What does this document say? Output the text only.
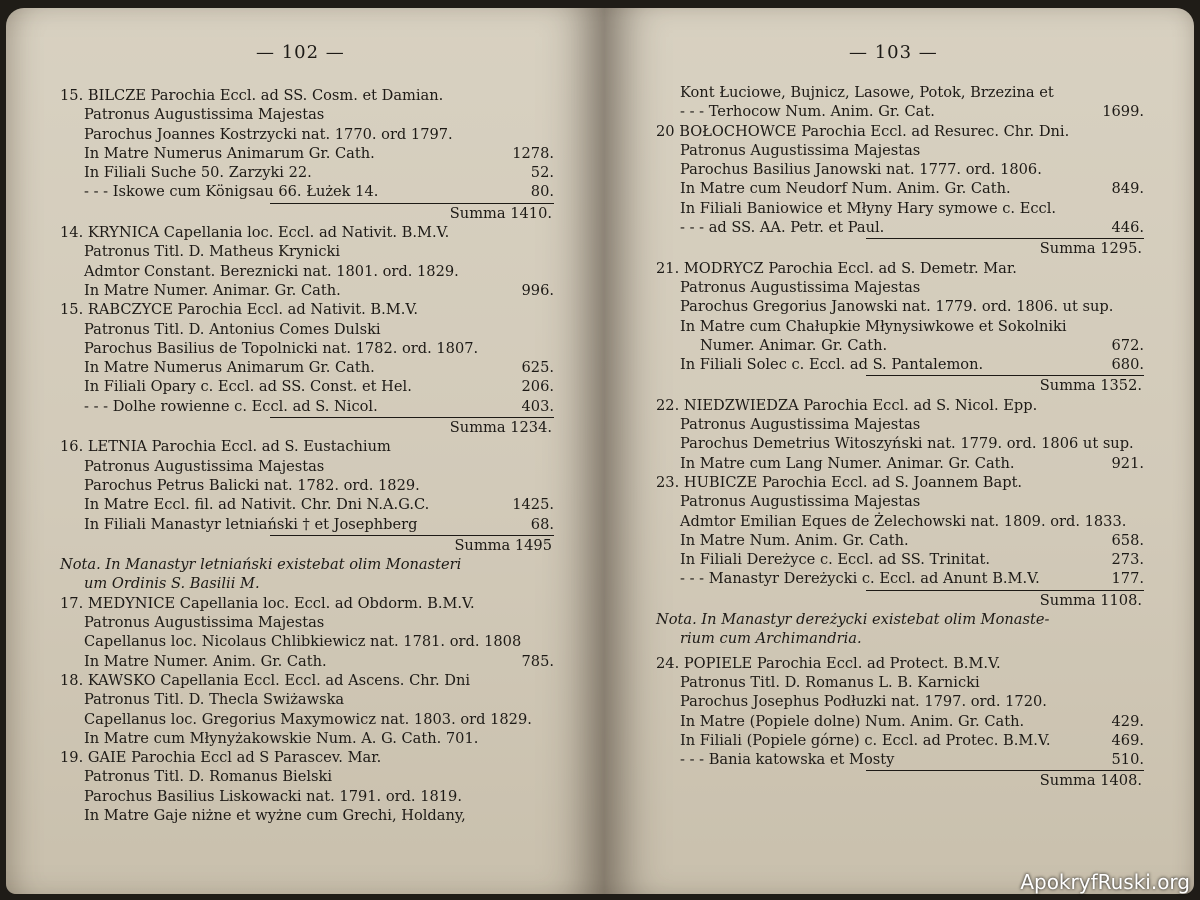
— 102 —
15. BILCZE Parochia Eccl. ad SS. Cosm. et Damian.
Patronus Augustissima Majestas
Parochus Joannes Kostrzycki nat. 1770. ord 1797.
In Matre Numerus Animarum Gr. Cath.	1278.
In Filiali Suche 50. Zarzyki 22.	52.
- - - Iskowe cum Königsau 66. Łużek 14.	80.
Summa 1410.
14. KRYNICA Capellania loc. Eccl. ad Nativit. B.M.V.
Patronus Titl. D. Matheus Krynicki
Admtor Constant. Bereznicki nat. 1801. ord. 1829.
In Matre Numer. Animar. Gr. Cath.	996.
15. RABCZYCE Parochia Eccl. ad Nativit. B.M.V.
Patronus Titl. D. Antonius Comes Dulski
Parochus Basilius de Topolnicki nat. 1782. ord. 1807.
In Matre Numerus Animarum Gr. Cath.	625.
In Filiali Opary c. Eccl. ad SS. Const. et Hel.	206.
- - - Dolhe rowienne c. Eccl. ad S. Nicol.	403.
Summa 1234.
16. LETNIA Parochia Eccl. ad S. Eustachium
Patronus Augustissima Majestas
Parochus Petrus Balicki nat. 1782. ord. 1829.
In Matre Eccl. fil. ad Nativit. Chr. Dni N.A.G.C.	1425.
In Filiali Manastyr letniański † et Josephberg	68.
Summa 1495
Nota. In Manastyr letniański existebat olim Monasteri
um Ordinis S. Basilii M.
17. MEDYNICE Capellania loc. Eccl. ad Obdorm. B.M.V.
Patronus Augustissima Majestas
Capellanus loc. Nicolaus Chlibkiewicz nat. 1781. ord. 1808
In Matre Numer. Anim. Gr. Cath.	785.
18. KAWSKO Capellania Eccl. Eccl. ad Ascens. Chr. Dni
Patronus Titl. D. Thecla Swiżawska
Capellanus loc. Gregorius Maxymowicz nat. 1803. ord 1829.
In Matre cum Młynyżakowskie Num. A. G. Cath. 701.
19. GAIE Parochia Eccl ad S Parascev. Mar.
Patronus Titl. D. Romanus Bielski
Parochus Basilius Liskowacki nat. 1791. ord. 1819.
In Matre Gaje niżne et wyżne cum Grechi, Holdany,
— 103 —
Kont Łuciowe, Bujnicz, Lasowe, Potok, Brzezina et
- - - Terhocow Num. Anim. Gr. Cat.	1699.
20 BOŁOCHOWCE Parochia Eccl. ad Resurec. Chr. Dni.
Patronus Augustissima Majestas
Parochus Basilius Janowski nat. 1777. ord. 1806.
In Matre cum Neudorf Num. Anim. Gr. Cath.	849.
In Filiali Baniowice et Młyny Hary symowe c. Eccl.
- - - ad SS. AA. Petr. et Paul.	446.
Summa 1295.
21. MODRYCZ Parochia Eccl. ad S. Demetr. Mar.
Patronus Augustissima Majestas
Parochus Gregorius Janowski nat. 1779. ord. 1806. ut sup.
In Matre cum Chałupkie Młynysiwkowe et Sokolniki
Numer. Animar. Gr. Cath.	672.
In Filiali Solec c. Eccl. ad S. Pantalemon.	680.
Summa 1352.
22. NIEDZWIEDZA Parochia Eccl. ad S. Nicol. Epp.
Patronus Augustissima Majestas
Parochus Demetrius Witoszyński nat. 1779. ord. 1806 ut sup.
In Matre cum Lang Numer. Animar. Gr. Cath.	921.
23. HUBICZE Parochia Eccl. ad S. Joannem Bapt.
Patronus Augustissima Majestas
Admtor Emilian Eques de Żelechowski nat. 1809. ord. 1833.
In Matre Num. Anim. Gr. Cath.	658.
In Filiali Dereżyce c. Eccl. ad SS. Trinitat.	273.
- - - Manastyr Dereżycki c. Eccl. ad Anunt B.M.V.	177.
Summa 1108.
Nota. In Manastyr dereżycki existebat olim Monaste-
rium cum Archimandria.
24. POPIELE Parochia Eccl. ad Protect. B.M.V.
Patronus Titl. D. Romanus L. B. Karnicki
Parochus Josephus Podłuzki nat. 1797. ord. 1720.
In Matre (Popiele dolne) Num. Anim. Gr. Cath.	429.
In Filiali (Popiele górne) c. Eccl. ad Protec. B.M.V.	469.
- - - Bania katowska et Mosty	510.
Summa 1408.
ApokryfRuski.org
